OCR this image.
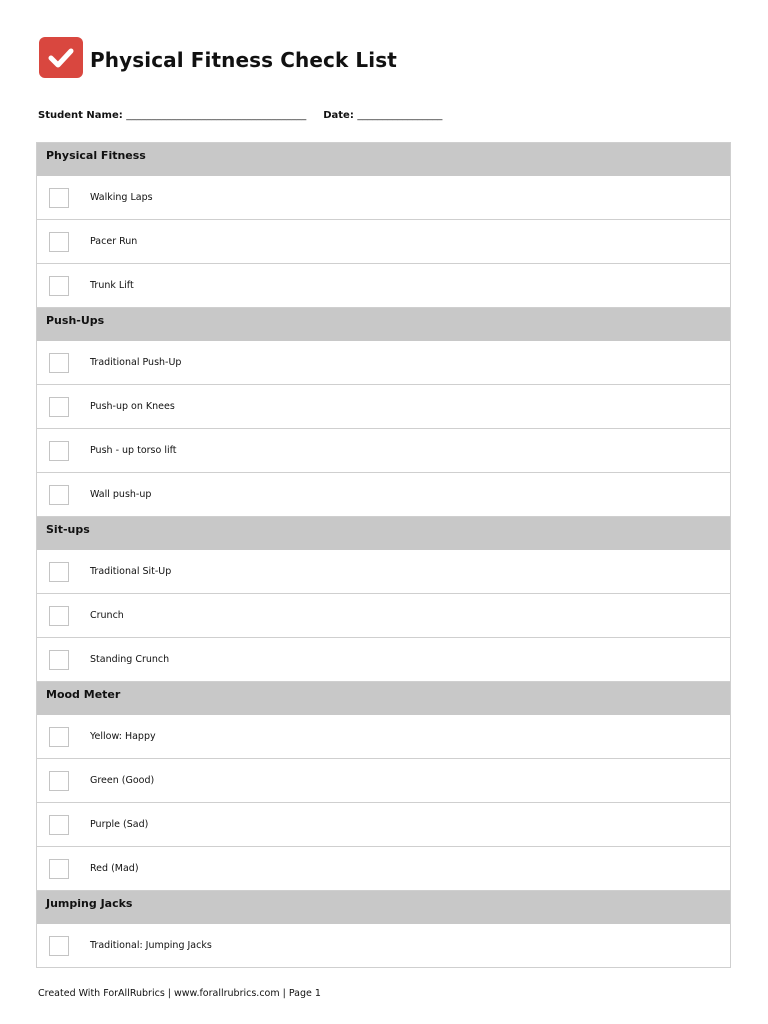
Physical Fitness Check List
Student Name: ____________________________________ Date: _________________
Physical Fitness
Walking Laps
Pacer Run
Trunk Lift
Push-Ups
Traditional Push-Up
Push-up on Knees
Push - up torso lift
Wall push-up
Sit-ups
Traditional Sit-Up
Crunch
Standing Crunch
Mood Meter
Yellow: Happy
Green (Good)
Purple (Sad)
Red (Mad)
Jumping Jacks
Traditional: Jumping Jacks
Created With ForAllRubrics | www.forallrubrics.com | Page 1
